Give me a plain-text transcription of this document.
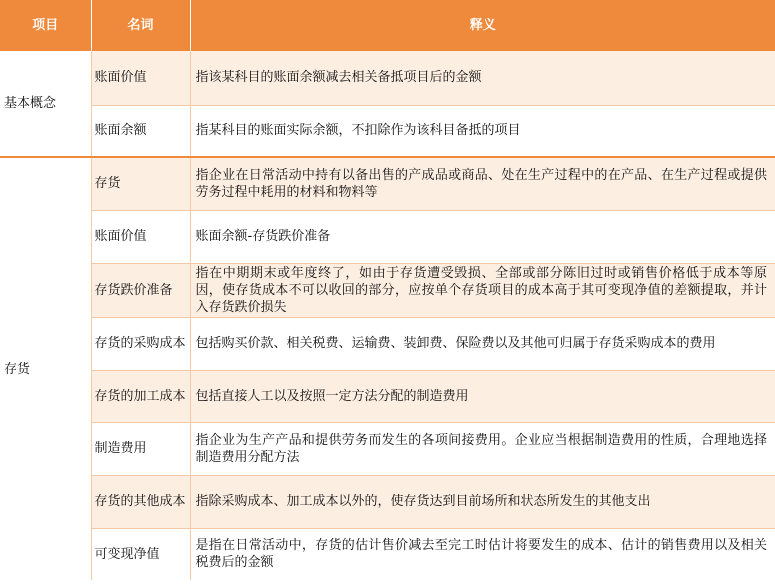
项目	名词	释义
基本概念	账面价值	指该某科目的账面余额减去相关备抵项目后的金额
	账面余额	指某科目的账面实际余额，不扣除作为该科目备抵的项目
存货	存货	指企业在日常活动中持有以备出售的产成品或商品、处在生产过程中的在产品、在生产过程或提供劳务过程中耗用的材料和物料等
	账面价值	账面余额-存货跌价准备
	存货跌价准备	指在中期期末或年度终了，如由于存货遭受毁损、全部或部分陈旧过时或销售价格低于成本等原因，使存货成本不可以收回的部分，应按单个存货项目的成本高于其可变现净值的差额提取，并计入存货跌价损失
	存货的采购成本	包括购买价款、相关税费、运输费、装卸费、保险费以及其他可归属于存货采购成本的费用
	存货的加工成本	包括直接人工以及按照一定方法分配的制造费用
	制造费用	指企业为生产产品和提供劳务而发生的各项间接费用。企业应当根据制造费用的性质，合理地选择制造费用分配方法
	存货的其他成本	指除采购成本、加工成本以外的，使存货达到目前场所和状态所发生的其他支出
	可变现净值	是指在日常活动中，存货的估计售价减去至完工时估计将要发生的成本、估计的销售费用以及相关税费后的金额
